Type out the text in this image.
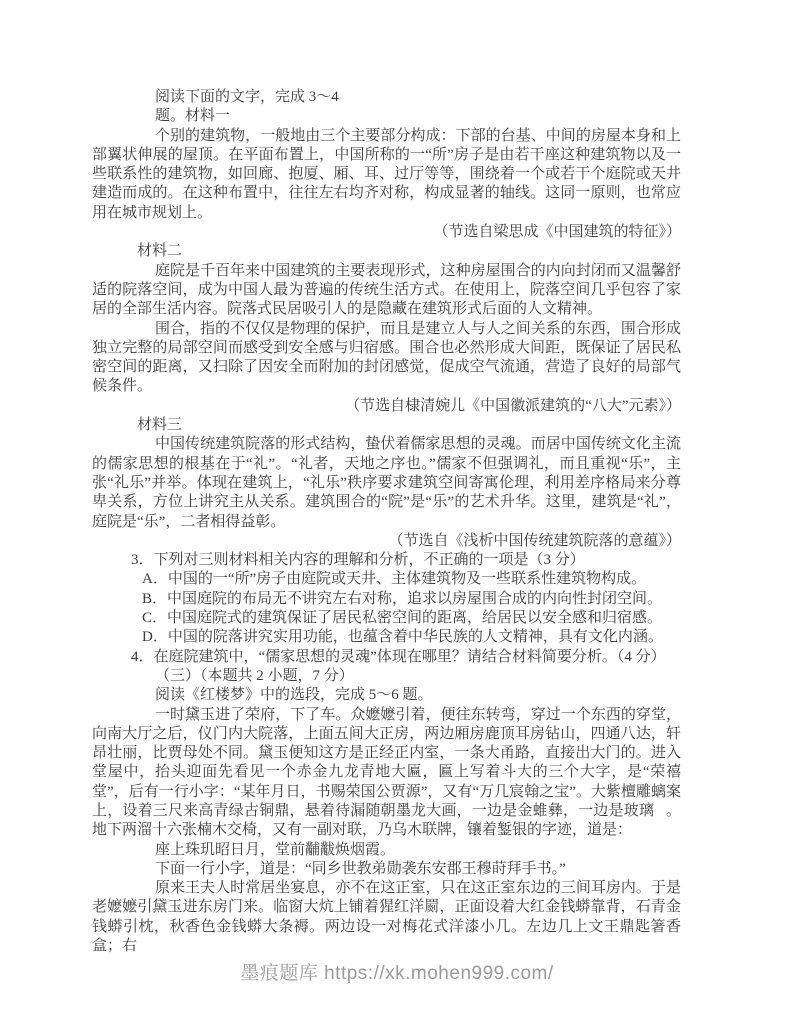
阅读下面的文字，完成 3～4
题。材料一
个别的建筑物，一般地由三个主要部分构成：下部的台基、中间的房屋本身和上部翼状伸展的屋顶。在平面布置上，中国所称的一“所”房子是由若干座这种建筑物以及一些联系性的建筑物，如回廊、抱厦、厢、耳、过厅等等，围绕着一个或若干个庭院或天井建造而成的。在这种布置中，往往左右均齐对称，构成显著的轴线。这同一原则，也常应用在城市规划上。
（节选自梁思成《中国建筑的特征》）
材料二
庭院是千百年来中国建筑的主要表现形式，这种房屋围合的内向封闭而又温馨舒适的院落空间，成为中国人最为普遍的传统生活方式。在使用上，院落空间几乎包容了家居的全部生活内容。院落式民居吸引人的是隐藏在建筑形式后面的人文精神。
围合，指的不仅仅是物理的保护，而且是建立人与人之间关系的东西，围合形成独立完整的局部空间而感受到安全感与归宿感。围合也必然形成大间距，既保证了居民私密空间的距离，又扫除了因安全而附加的封闭感觉，促成空气流通，营造了良好的局部气候条件。
（节选自棣清婉儿《中国徽派建筑的“八大”元素》）
材料三
中国传统建筑院落的形式结构，蛰伏着儒家思想的灵魂。而居中国传统文化主流的儒家思想的根基在于“礼”。“礼者，天地之序也。”儒家不但强调礼，而且重视“乐”，主张“礼乐”并举。体现在建筑上，“礼乐”秩序要求建筑空间寄寓伦理，利用差序格局来分尊卑关系，方位上讲究主从关系。建筑围合的“院”是“乐”的艺术升华。这里，建筑是“礼”，庭院是“乐”，二者相得益彰。
（节选自《浅析中国传统建筑院落的意蕴》）
3．下列对三则材料相关内容的理解和分析，不正确的一项是（3 分）
A．中国的一“所”房子由庭院或天井、主体建筑物及一些联系性建筑物构成。
B．中国庭院的布局无不讲究左右对称，追求以房屋围合成的内向性封闭空间。
C．中国庭院式的建筑保证了居民私密空间的距离，给居民以安全感和归宿感。
D．中国的院落讲究实用功能，也蕴含着中华民族的人文精神，具有文化内涵。
4．在庭院建筑中，“儒家思想的灵魂”体现在哪里？请结合材料简要分析。（4 分）
（三）（本题共 2 小题，7 分）
阅读《红楼梦》中的选段，完成 5～6 题。
一时黛玉进了荣府，下了车。众嬷嬷引着，便往东转弯，穿过一个东西的穿堂，向南大厅之后，仪门内大院落，上面五间大正房，两边厢房鹿顶耳房钻山，四通八达，轩昂壮丽，比贾母处不同。黛玉便知这方是正经正内室，一条大甬路，直接出大门的。进入堂屋中，抬头迎面先看见一个赤金九龙青地大匾，匾上写着斗大的三个大字，是“荣禧堂”，后有一行小字：“某年月日，书赐荣国公贾源”，又有“万几宸翰之宝”。大紫檀雕螭案上，设着三尺来高青绿古铜鼎，悬着待漏随朝墨龙大画，一边是金蜼彝，一边是玻璃𥁽。地下两溜十六张楠木交椅，又有一副对联，乃乌木联牌，镶着錾银的字迹，道是：
座上珠玑昭日月，堂前黼黻焕烟霞。
下面一行小字，道是：“同乡世教弟勋袭东安郡王穆莳拜手书。”
原来王夫人时常居坐宴息，亦不在这正室，只在这正室东边的三间耳房内。于是老嬷嬷引黛玉进东房门来。临窗大炕上铺着猩红洋罽，正面设着大红金钱蟒靠背，石青金钱蟒引枕，秋香色金钱蟒大条褥。两边设一对梅花式洋漆小几。左边几上文王鼎匙箸香盒；右
墨痕题库 https://xk.mohen999.com/
